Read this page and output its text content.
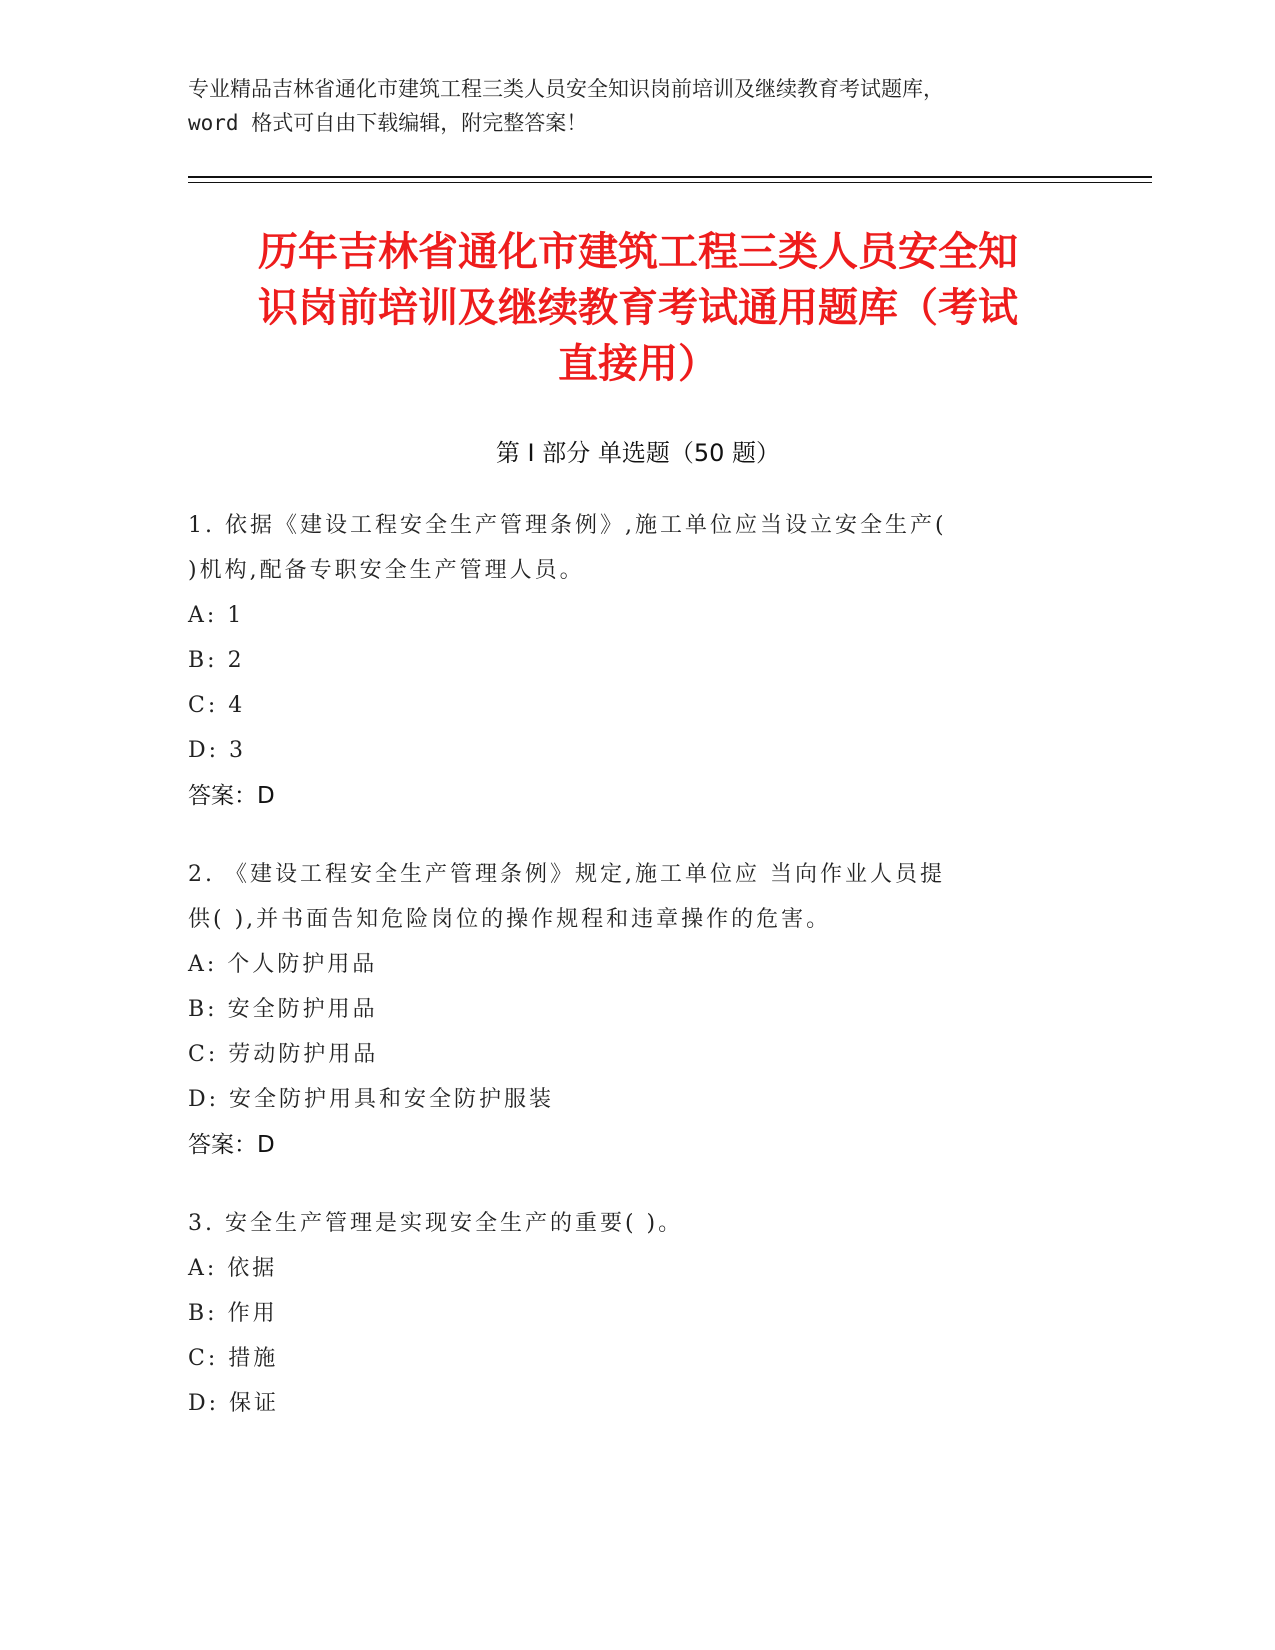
专业精品吉林省通化市建筑工程三类人员安全知识岗前培训及继续教育考试题库，
word 格式可自由下载编辑，附完整答案！
历年吉林省通化市建筑工程三类人员安全知
识岗前培训及继续教育考试通用题库（考试
直接用）
第 I 部分 单选题（50 题）
1. 依据《建设工程安全生产管理条例》,施工单位应当设立安全生产(
)机构,配备专职安全生产管理人员。
A: 1
B: 2
C: 4
D: 3
答案：D
2. 《建设工程安全生产管理条例》规定,施工单位应 当向作业人员提
供( ),并书面告知危险岗位的操作规程和违章操作的危害。
A: 个人防护用品
B: 安全防护用品
C: 劳动防护用品
D: 安全防护用具和安全防护服装
答案：D
3. 安全生产管理是实现安全生产的重要( )。
A: 依据
B: 作用
C: 措施
D: 保证
